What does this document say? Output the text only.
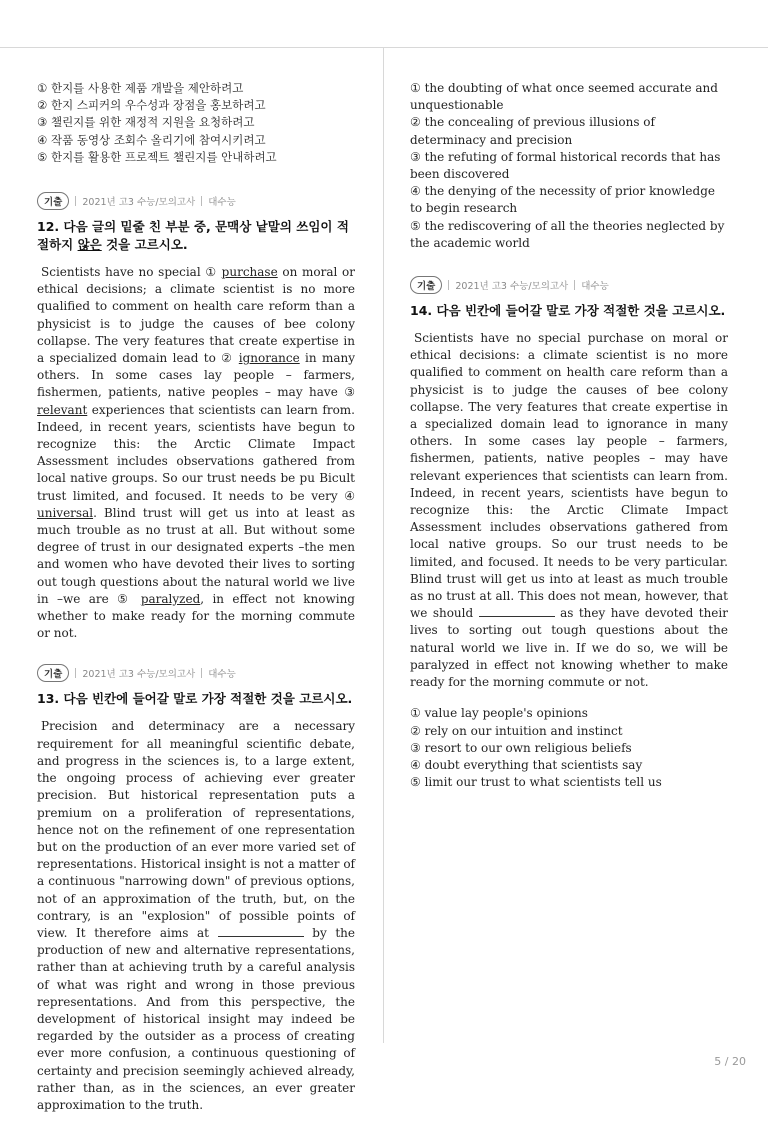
① 한지를 사용한 제품 개발을 제안하려고
② 한지 스피커의 우수성과 장점을 홍보하려고
③ 챌린지를 위한 재정적 지원을 요청하려고
④ 작품 동영상 조회수 올리기에 참여시키려고
⑤ 한지를 활용한 프로젝트 챌린지를 안내하려고
기출	2021년 고3 수능/모의고사 대수능
12. 다음 글의 밑줄 친 부분 중, 문맥상 낱말의 쓰임이 적절하지 않은 것을 고르시오.
Scientists have no special ① purchase on moral or ethical decisions; a climate scientist is no more qualified to comment on health care reform than a physicist is to judge the causes of bee colony collapse. The very features that create expertise in a specialized domain lead to ② ignorance in many others. In some cases lay people – farmers, fishermen, patients, native peoples – may have ③ relevant experiences that scientists can learn from. Indeed, in recent years, scientists have begun to recognize this: the Arctic Climate Impact Assessment includes observations gathered from local native groups. So our trust needs be pu Bicult trust limited, and focused. It needs to be very ④ universal. Blind trust will get us into at least as much trouble as no trust at all. But without some degree of trust in our designated experts –the men and women who have devoted their lives to sorting out tough questions about the natural world we live in –we are ⑤ paralyzed, in effect not knowing whether to make ready for the morning commute or not.
기출	2021년 고3 수능/모의고사 대수능
13. 다음 빈칸에 들어갈 말로 가장 적절한 것을 고르시오.
Precision and determinacy are a necessary requirement for all meaningful scientific debate, and progress in the sciences is, to a large extent, the ongoing process of achieving ever greater precision. But historical representation puts a premium on a proliferation of representations, hence not on the refinement of one representation but on the production of an ever more varied set of representations. Historical insight is not a matter of a continuous "narrowing down" of previous options, not of an approximation of the truth, but, on the contrary, is an "explosion" of possible points of view. It therefore aims at	by the production of new and alternative representations, rather than at achieving truth by a careful analysis of what was right and wrong in those previous representations. And from this perspective, the development of historical insight may indeed be regarded by the outsider as a process of creating ever more confusion, a continuous questioning of certainty and precision seemingly achieved already, rather than, as in the sciences, an ever greater approximation to the truth.
① the doubting of what once seemed accurate and unquestionable
② the concealing of previous illusions of determinacy and precision
③ the refuting of formal historical records that has been discovered
④ the denying of the necessity of prior knowledge to begin research
⑤ the rediscovering of all the theories neglected by the academic world
기출	2021년 고3 수능/모의고사 대수능
14. 다음 빈칸에 들어갈 말로 가장 적절한 것을 고르시오.
Scientists have no special purchase on moral or ethical decisions: a climate scientist is no more qualified to comment on health care reform than a physicist is to judge the causes of bee colony collapse. The very features that create expertise in a specialized domain lead to ignorance in many others. In some cases lay people – farmers, fishermen, patients, native peoples – may have relevant experiences that scientists can learn from. Indeed, in recent years, scientists have begun to recognize this: the Arctic Climate Impact Assessment includes observations gathered from local native groups. So our trust needs to be limited, and focused. It needs to be very particular. Blind trust will get us into at least as much trouble as no trust at all. This does not mean, however, that we should	as they have devoted their lives to sorting out tough questions about the natural world we live in. If we do so, we will be paralyzed in effect not knowing whether to make ready for the morning commute or not.
① value lay people's opinions
② rely on our intuition and instinct
③ resort to our own religious beliefs
④ doubt everything that scientists say
⑤ limit our trust to what scientists tell us
5 / 20
